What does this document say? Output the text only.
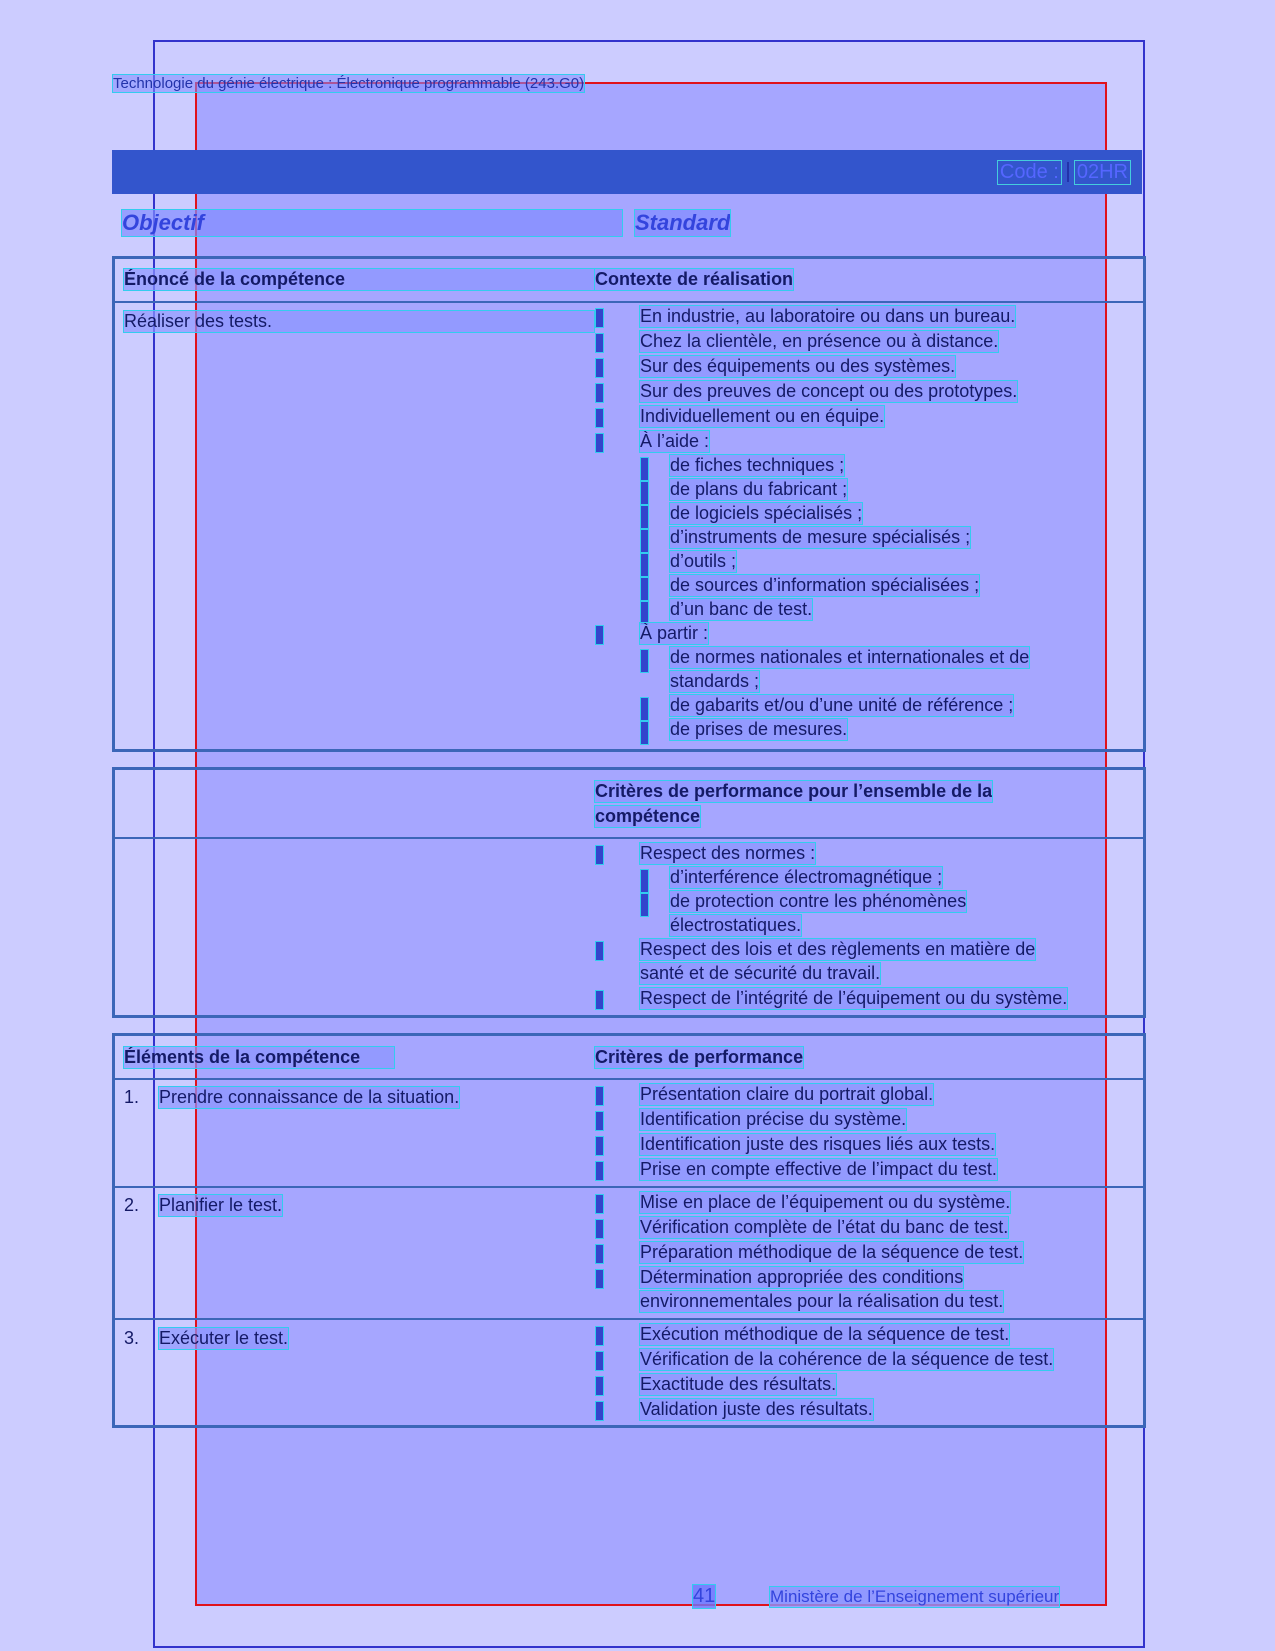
Technologie du génie électrique : Électronique programmable (243.G0)
Code : 02HR
Objectif	Standard
Énoncé de la compétence	Contexte de réalisation
Réaliser des tests.	En industrie, au laboratoire ou dans un bureau.
Chez la clientèle, en présence ou à distance.
Sur des équipements ou des systèmes.
Sur des preuves de concept ou des prototypes.
Individuellement ou en équipe.
À l’aide :
de fiches techniques ;
de plans du fabricant ;
de logiciels spécialisés ;
d’instruments de mesure spécialisés ;
d’outils ;
de sources d’information spécialisées ;
d’un banc de test.
À partir :
de normes nationales et internationales et de
standards ;
de gabarits et/ou d’une unité de référence ;
de prises de mesures.
Critères de performance pour l’ensemble de la
compétence
Respect des normes :
d’interférence électromagnétique ;
de protection contre les phénomènes
électrostatiques.
Respect des lois et des règlements en matière de
santé et de sécurité du travail.
Respect de l’intégrité de l’équipement ou du système.
Éléments de la compétence	Critères de performance
1. Prendre connaissance de la situation.	Présentation claire du portrait global.
Identification précise du système.
Identification juste des risques liés aux tests.
Prise en compte effective de l’impact du test.
2. Planifier le test.	Mise en place de l’équipement ou du système.
Vérification complète de l’état du banc de test.
Préparation méthodique de la séquence de test.
Détermination appropriée des conditions
environnementales pour la réalisation du test.
3. Exécuter le test.	Exécution méthodique de la séquence de test.
Vérification de la cohérence de la séquence de test.
Exactitude des résultats.
Validation juste des résultats.
41	Ministère de l’Enseignement supérieur
